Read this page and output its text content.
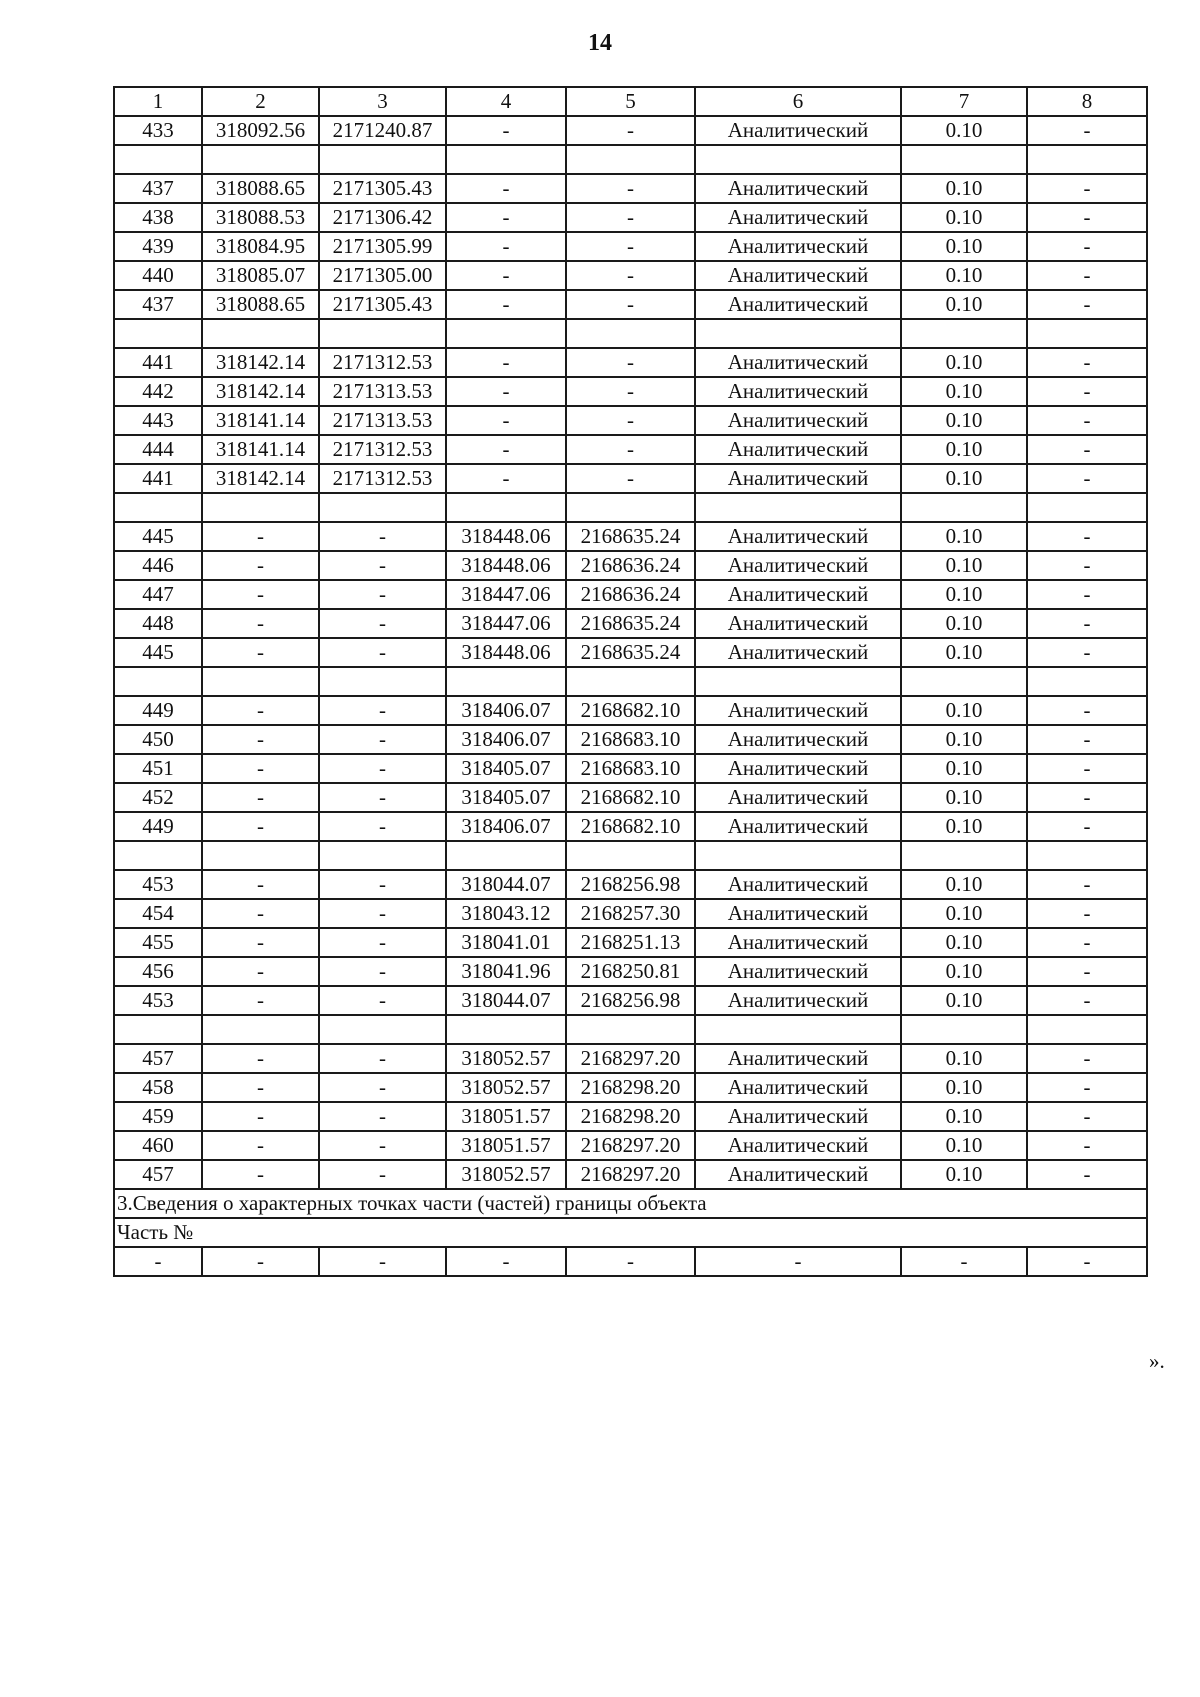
14
1	2	3	4	5	6	7	8
433	318092.56	2171240.87	-	-	Аналитический	0.10	-

437	318088.65	2171305.43	-	-	Аналитический	0.10	-
438	318088.53	2171306.42	-	-	Аналитический	0.10	-
439	318084.95	2171305.99	-	-	Аналитический	0.10	-
440	318085.07	2171305.00	-	-	Аналитический	0.10	-
437	318088.65	2171305.43	-	-	Аналитический	0.10	-

441	318142.14	2171312.53	-	-	Аналитический	0.10	-
442	318142.14	2171313.53	-	-	Аналитический	0.10	-
443	318141.14	2171313.53	-	-	Аналитический	0.10	-
444	318141.14	2171312.53	-	-	Аналитический	0.10	-
441	318142.14	2171312.53	-	-	Аналитический	0.10	-

445	-	-	318448.06	2168635.24	Аналитический	0.10	-
446	-	-	318448.06	2168636.24	Аналитический	0.10	-
447	-	-	318447.06	2168636.24	Аналитический	0.10	-
448	-	-	318447.06	2168635.24	Аналитический	0.10	-
445	-	-	318448.06	2168635.24	Аналитический	0.10	-

449	-	-	318406.07	2168682.10	Аналитический	0.10	-
450	-	-	318406.07	2168683.10	Аналитический	0.10	-
451	-	-	318405.07	2168683.10	Аналитический	0.10	-
452	-	-	318405.07	2168682.10	Аналитический	0.10	-
449	-	-	318406.07	2168682.10	Аналитический	0.10	-

453	-	-	318044.07	2168256.98	Аналитический	0.10	-
454	-	-	318043.12	2168257.30	Аналитический	0.10	-
455	-	-	318041.01	2168251.13	Аналитический	0.10	-
456	-	-	318041.96	2168250.81	Аналитический	0.10	-
453	-	-	318044.07	2168256.98	Аналитический	0.10	-

457	-	-	318052.57	2168297.20	Аналитический	0.10	-
458	-	-	318052.57	2168298.20	Аналитический	0.10	-
459	-	-	318051.57	2168298.20	Аналитический	0.10	-
460	-	-	318051.57	2168297.20	Аналитический	0.10	-
457	-	-	318052.57	2168297.20	Аналитический	0.10	-
3.Сведения о характерных точках части (частей) границы объекта							
Часть №							
-	-	-	-	-	-	-	-
».
